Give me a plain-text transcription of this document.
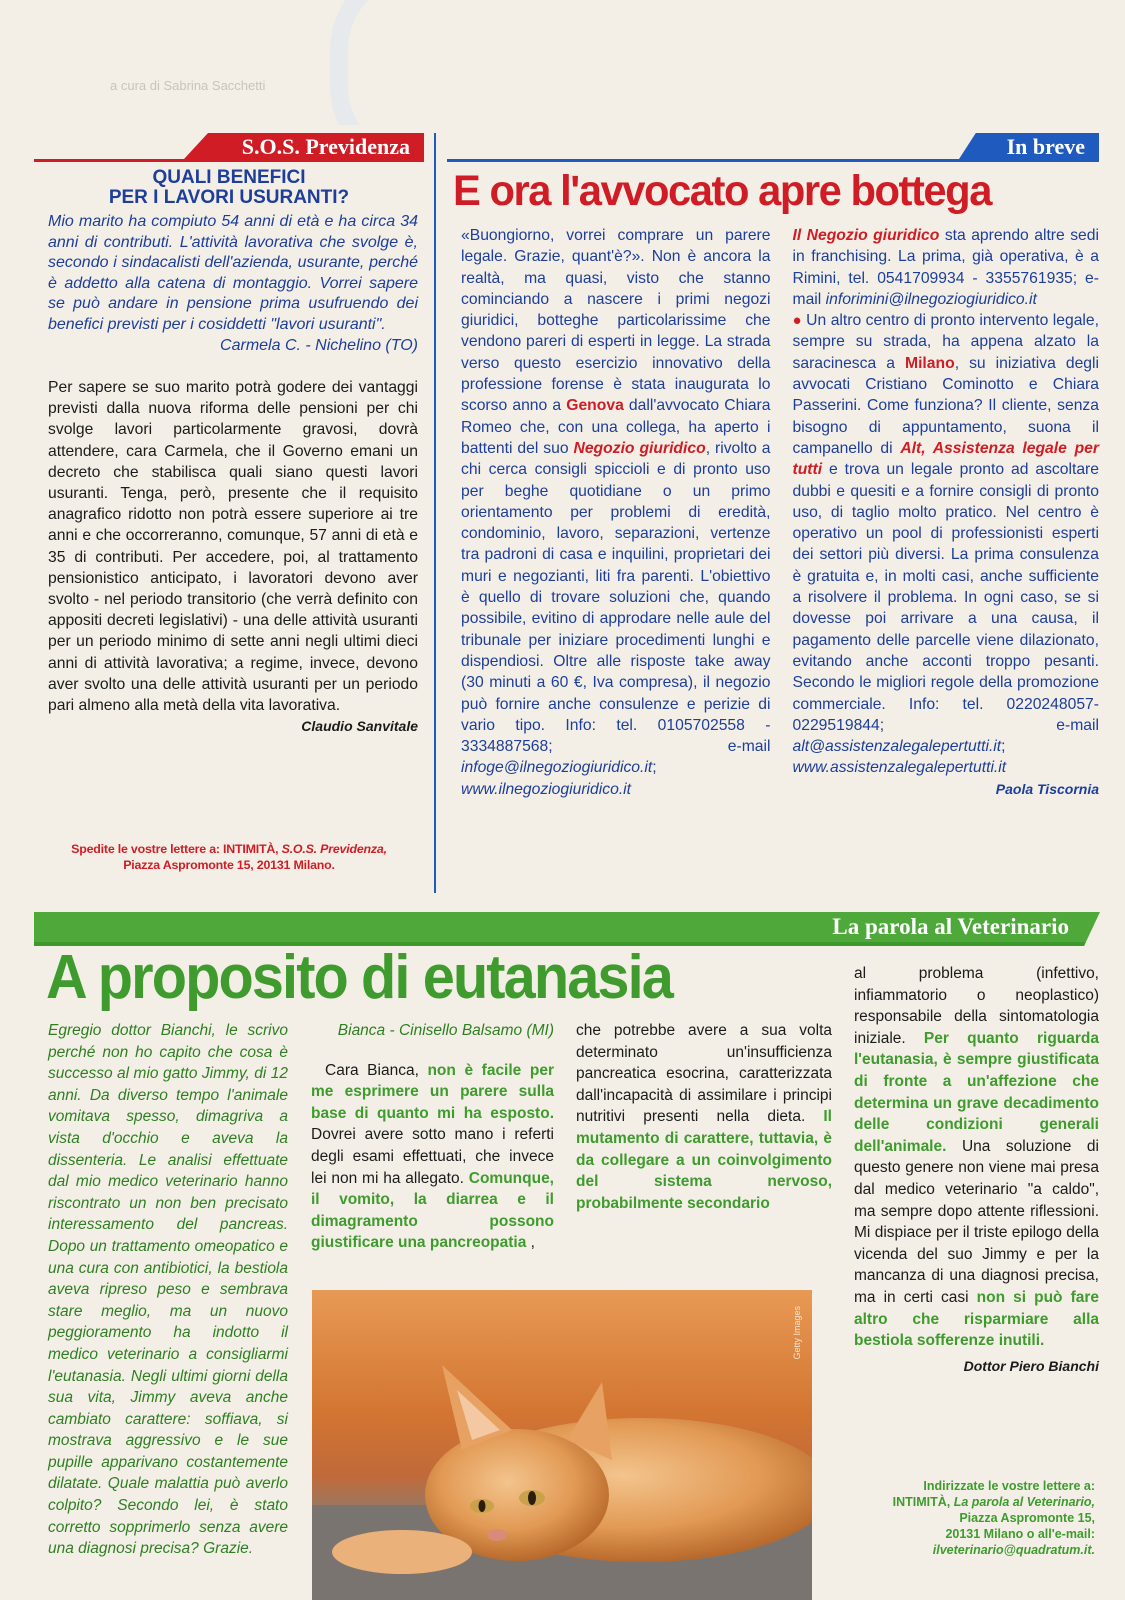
a cura di Sabrina Sacchetti
S.O.S. Previdenza
QUALI BENEFICI
PER I LAVORI USURANTI?

Mio marito ha compiuto 54 anni di età e ha circa 34 anni di contributi. L'attività lavorativa che svolge è, secondo i sindacalisti dell'azienda, usurante, perché è addetto alla catena di montaggio. Vorrei sapere se può andare in pensione prima usufruendo dei benefici previsti per i cosiddetti "lavori usuranti".

Carmela C. - Nichelino (TO)

Per sapere se suo marito potrà godere dei vantaggi previsti dalla nuova riforma delle pensioni per chi svolge lavori particolarmente gravosi, dovrà attendere, cara Carmela, che il Governo emani un decreto che stabilisca quali siano questi lavori usuranti. Tenga, però, presente che il requisito anagrafico ridotto non potrà essere superiore ai tre anni e che occorreranno, comunque, 57 anni di età e 35 di contributi. Per accedere, poi, al trattamento pensionistico anticipato, i lavoratori devono aver svolto - nel periodo transitorio (che verrà definito con appositi decreti legislativi) - una delle attività usuranti per un periodo minimo di sette anni negli ultimi dieci anni di attività lavorativa; a regime, invece, devono aver svolto una delle attività usuranti per un periodo pari almeno alla metà della vita lavorativa.

Claudio Sanvitale
Spedite le vostre lettere a: INTIMITÀ, S.O.S. Previdenza,
Piazza Aspromonte 15, 20131 Milano.
In breve
E ora l'avvocato apre bottega
«Buongiorno, vorrei comprare un parere legale. Grazie, quant'è?». Non è ancora la realtà, ma quasi, visto che stanno cominciando a nascere i primi negozi giuridici, botteghe particolarissime che vendono pareri di esperti in legge. La strada verso questo esercizio innovativo della professione forense è stata inaugurata lo scorso anno a Genova dall'avvocato Chiara Romeo che, con una collega, ha aperto i battenti del suo Negozio giuridico, rivolto a chi cerca consigli spiccioli e di pronto uso per beghe quotidiane o un primo orientamento per problemi di eredità, condominio, lavoro, separazioni, vertenze tra padroni di casa e inquilini, proprietari dei muri e negozianti, liti fra parenti. L'obiettivo è quello di trovare soluzioni che, quando possibile, evitino di approdare nelle aule del tribunale per iniziare procedimenti lunghi e dispendiosi. Oltre alle risposte take away (30 minuti a 60 €, Iva compresa), il negozio può fornire anche consulenze e perizie di vario tipo. Info: tel. 0105702558 - 3334887568; e-mail infoge@ilnegoziogiuridico.it; www.ilnegoziogiuridico.it
Il Negozio giuridico sta aprendo altre sedi in franchising. La prima, già operativa, è a Rimini, tel. 0541709934 - 3355761935; e-mail inforimini@ilnegoziogiuridico.it
● Un altro centro di pronto intervento legale, sempre su strada, ha appena alzato la saracinesca a Milano, su iniziativa degli avvocati Cristiano Cominotto e Chiara Passerini. Come funziona? Il cliente, senza bisogno di appuntamento, suona il campanello di Alt, Assistenza legale per tutti e trova un legale pronto ad ascoltare dubbi e quesiti e a fornire consigli di pronto uso, di taglio molto pratico. Nel centro è operativo un pool di professionisti esperti dei settori più diversi. La prima consulenza è gratuita e, in molti casi, anche sufficiente a risolvere il problema. In ogni caso, se si dovesse poi arrivare a una causa, il pagamento delle parcelle viene dilazionato, evitando anche acconti troppo pesanti. Secondo le migliori regole della promozione commerciale. Info: tel. 0220248057- 0229519844; e-mail alt@assistenzalegalepertutti.it; www.assistenzalegalepertutti.it
Paola Tiscornia
La parola al Veterinario
A proposito di eutanasia
Egregio dottor Bianchi, le scrivo perché non ho capito che cosa è successo al mio gatto Jimmy, di 12 anni. Da diverso tempo l'animale vomitava spesso, dimagriva a vista d'occhio e aveva la dissenteria. Le analisi effettuate dal mio medico veterinario hanno riscontrato un non ben precisato interessamento del pancreas. Dopo un trattamento omeopatico e una cura con antibiotici, la bestiola aveva ripreso peso e sembrava stare meglio, ma un nuovo peggioramento ha indotto il medico veterinario a consigliarmi l'eutanasia. Negli ultimi giorni della sua vita, Jimmy aveva anche cambiato carattere: soffiava, si mostrava aggressivo e le sue pupille apparivano costantemente dilatate. Quale malattia può averlo colpito? Secondo lei, è stato corretto sopprimerlo senza avere una diagnosi precisa? Grazie.
Bianca - Cinisello Balsamo (MI)
Cara Bianca, non è facile per me esprimere un parere sulla base di quanto mi ha esposto. Dovrei avere sotto mano i referti degli esami effettuati, che invece lei non mi ha allegato. Comunque, il vomito, la diarrea e il dimagramento possono giustificare una pancreopatia ,
al problema (infettivo, infiammatorio o neoplastico) responsabile della sintomatologia iniziale. Per quanto riguarda l'eutanasia, è sempre giustificata di fronte a un'affezione che determina un grave decadimento delle condizioni generali dell'animale. Una soluzione di questo genere non viene mai presa dal medico veterinario "a caldo", ma sempre dopo attente riflessioni. Mi dispiace per il triste epilogo della vicenda del suo Jimmy e per la mancanza di una diagnosi precisa, ma in certi casi non si può fare altro che risparmiare alla bestiola sofferenze inutili.
Dottor Piero Bianchi
Indirizzate le vostre lettere a:
INTIMITÀ, La parola al Veterinario,
Piazza Aspromonte 15,
20131 Milano o all'e-mail:
ilveterinario@quadratum.it.
Getty Images
che potrebbe avere a sua volta determinato un'insufficienza pancreatica esocrina, caratterizzata dall'incapacità di assimilare i principi nutritivi presenti nella dieta. Il mutamento di carattere, tuttavia, è da collegare a un coinvolgimento del sistema nervoso, probabilmente secondario
